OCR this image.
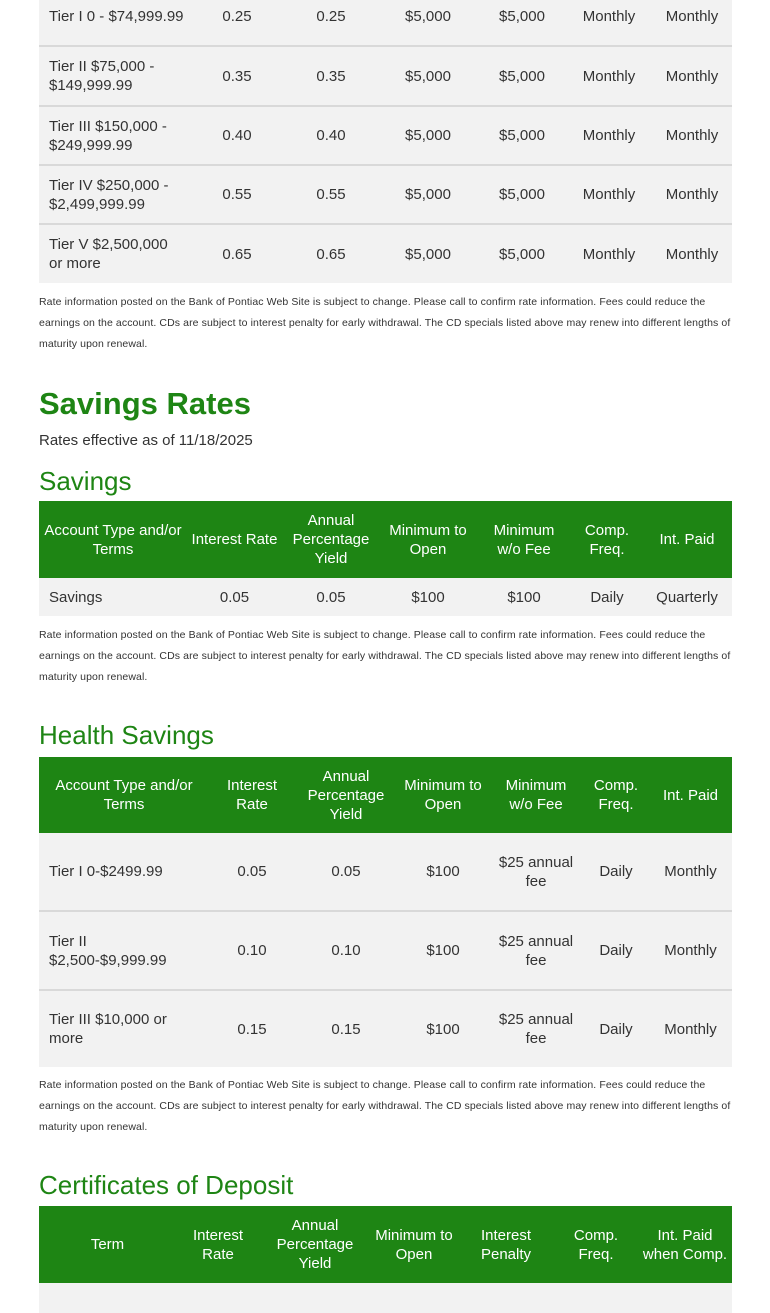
Tier I 0 - $74,999.99	0.25	0.25	$5,000	$5,000	Monthly	Monthly
Tier II $75,000 - $149,999.99	0.35	0.35	$5,000	$5,000	Monthly	Monthly
Tier III $150,000 - $249,999.99	0.40	0.40	$5,000	$5,000	Monthly	Monthly
Tier IV $250,000 - $2,499,999.99	0.55	0.55	$5,000	$5,000	Monthly	Monthly
Tier V $2,500,000 or more	0.65	0.65	$5,000	$5,000	Monthly	Monthly

Rate information posted on the Bank of Pontiac Web Site is subject to change. Please call to confirm rate information. Fees could reduce the earnings on the account. CDs are subject to interest penalty for early withdrawal. The CD specials listed above may renew into different lengths of maturity upon renewal.

Savings Rates

Rates effective as of 11/18/2025

Savings
Account Type and/or Terms	Interest Rate	Annual Percentage Yield	Minimum to Open	Minimum w/o Fee	Comp. Freq.	Int. Paid
Savings	0.05	0.05	$100	$100	Daily	Quarterly

Rate information posted on the Bank of Pontiac Web Site is subject to change. Please call to confirm rate information. Fees could reduce the earnings on the account. CDs are subject to interest penalty for early withdrawal. The CD specials listed above may renew into different lengths of maturity upon renewal.

Health Savings
Account Type and/or Terms	Interest Rate	Annual Percentage Yield	Minimum to Open	Minimum w/o Fee	Comp. Freq.	Int. Paid
Tier I 0-$2499.99	0.05	0.05	$100	$25 annual fee	Daily	Monthly
Tier II $2,500-$9,999.99	0.10	0.10	$100	$25 annual fee	Daily	Monthly
Tier III $10,000 or more	0.15	0.15	$100	$25 annual fee	Daily	Monthly

Rate information posted on the Bank of Pontiac Web Site is subject to change. Please call to confirm rate information. Fees could reduce the earnings on the account. CDs are subject to interest penalty for early withdrawal. The CD specials listed above may renew into different lengths of maturity upon renewal.

Certificates of Deposit
Term	Interest Rate	Annual Percentage Yield	Minimum to Open	Interest Penalty	Comp. Freq.	Int. Paid when Comp.
